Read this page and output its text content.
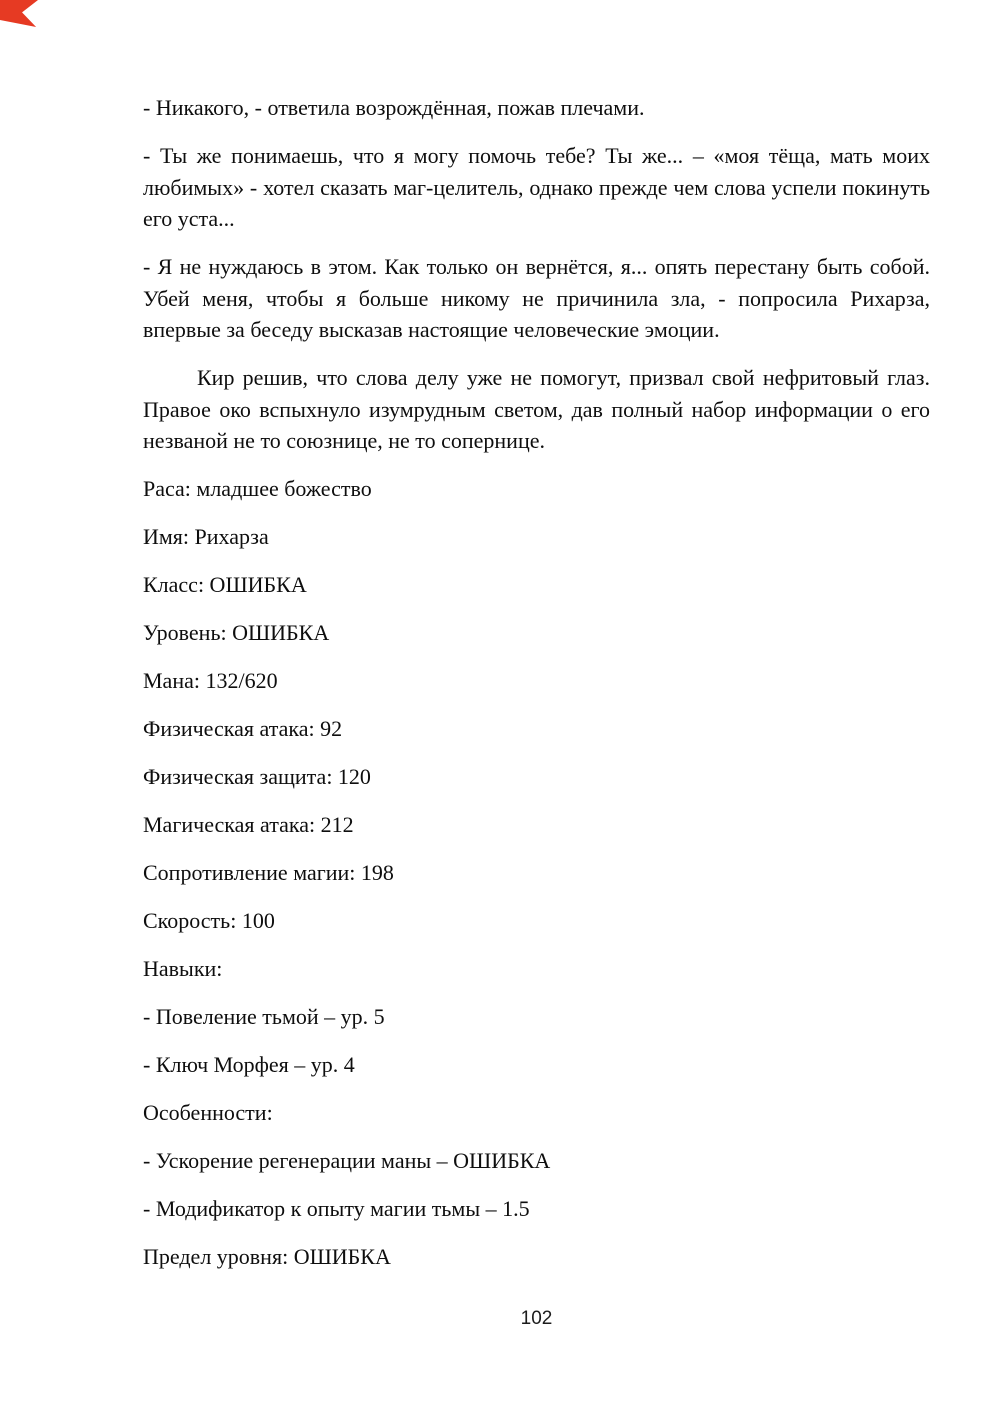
- Никакого, - ответила возрождённая, пожав плечами.

- Ты же понимаешь, что я могу помочь тебе? Ты же... – «моя тёща, мать моих любимых» - хотел сказать маг-целитель, однако прежде чем слова успели покинуть его уста...

- Я не нуждаюсь в этом. Как только он вернётся, я... опять перестану быть собой. Убей меня, чтобы я больше никому не причинила зла, - попросила Рихарза, впервые за беседу высказав настоящие человеческие эмоции.

Кир решив, что слова делу уже не помогут, призвал свой нефритовый глаз. Правое око вспыхнуло изумрудным светом, дав полный набор информации о его незваной не то союзнице, не то сопернице.

Раса: младшее божество

Имя: Рихарза

Класс: ОШИБКА

Уровень: ОШИБКА

Мана: 132/620

Физическая атака: 92

Физическая защита: 120

Магическая атака: 212

Сопротивление магии: 198

Скорость: 100

Навыки:

- Повеление тьмой – ур. 5

- Ключ Морфея – ур. 4

Особенности:

- Ускорение регенерации маны – ОШИБКА

- Модификатор к опыту магии тьмы – 1.5

Предел уровня: ОШИБКА

102
